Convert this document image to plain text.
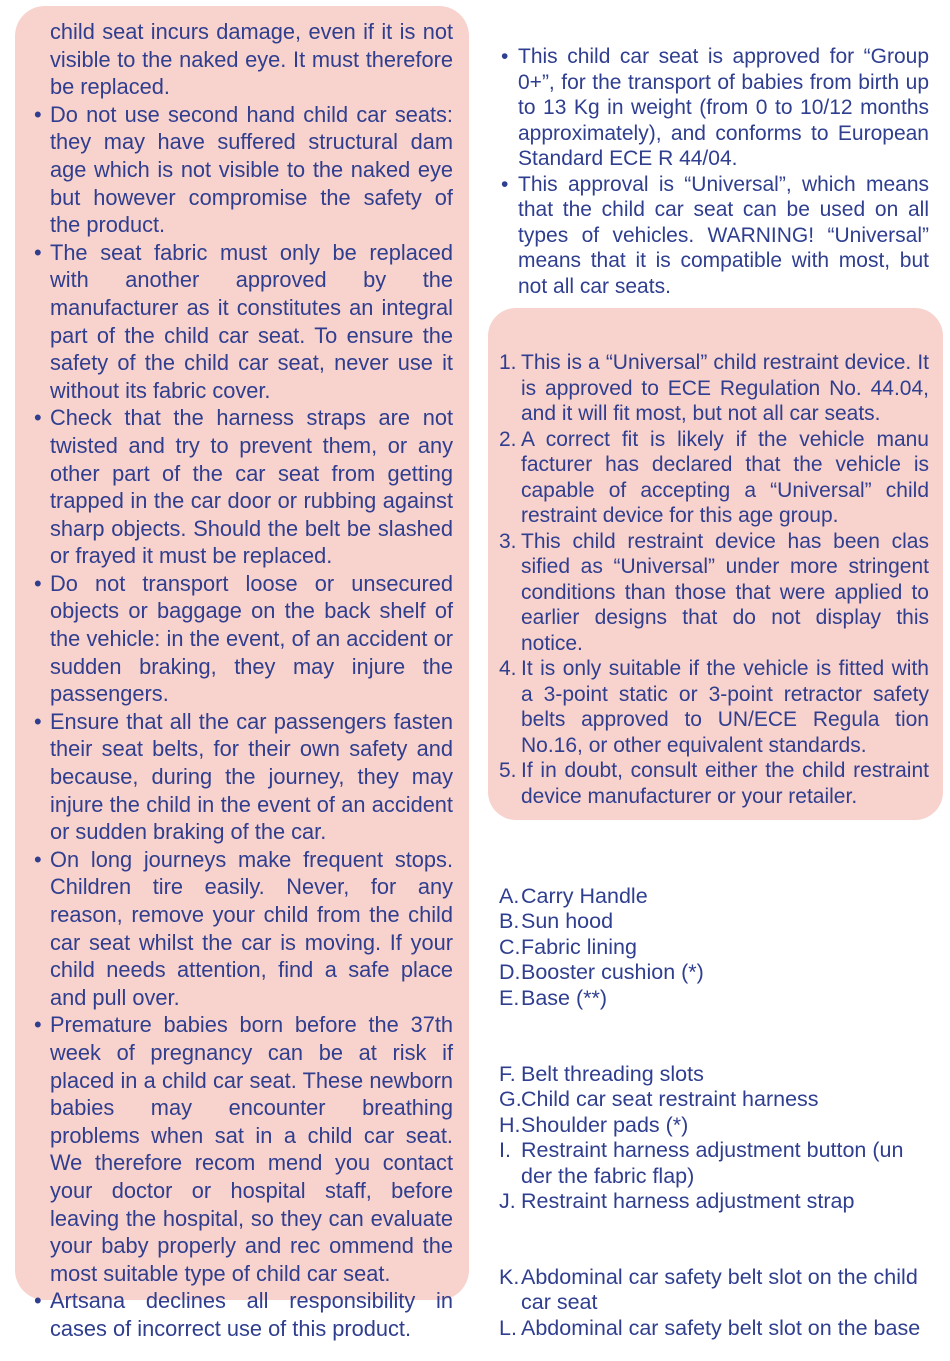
child seat incurs damage, even if it is not visible to the naked eye. It must therefore be replaced.
• Do not use second hand child car seats: they may have suffered structural dam age which is not visible to the naked eye but however compromise the safety of the product.
• The seat fabric must only be replaced with another approved by the manufacturer as it constitutes an integral part of the child car seat. To ensure the safety of the child car seat, never use it without its fabric cover.
• Check that the harness straps are not twisted and try to prevent them, or any other part of the car seat from getting trapped in the car door or rubbing against sharp objects. Should the belt be slashed or frayed it must be replaced.
• Do not transport loose or unsecured objects or baggage on the back shelf of the vehicle: in the event, of an accident or sudden braking, they may injure the passengers.
• Ensure that all the car passengers fasten their seat belts, for their own safety and because, during the journey, they may injure the child in the event of an accident or sudden braking of the car.
• On long journeys make frequent stops. Children tire easily. Never, for any reason, remove your child from the child car seat whilst the car is moving. If your child needs attention, find a safe place and pull over.
• Premature babies born before the 37th week of pregnancy can be at risk if placed in a child car seat. These newborn babies may encounter breathing problems when sat in a child car seat. We therefore recom mend you contact your doctor or hospital staff, before leaving the hospital, so they can evaluate your baby properly and rec ommend the most suitable type of child car seat.
• Artsana declines all responsibility in cases of incorrect use of this product.
• This child car seat is approved for “Group 0+”, for the transport of babies from birth up to 13 Kg in weight (from 0 to 10/12 months approximately), and conforms to European Standard ECE R 44/04.
• This approval is “Universal”, which means that the child car seat can be used on all types of vehicles. WARNING! “Universal” means that it is compatible with most, but not all car seats.
1. This is a “Universal” child restraint device. It is approved to ECE Regulation No. 44.04, and it will fit most, but not all car seats.
2. A correct fit is likely if the vehicle manu facturer has declared that the vehicle is capable of accepting a “Universal” child restraint device for this age group.
3. This child restraint device has been clas sified as “Universal” under more stringent conditions than those that were applied to earlier designs that do not display this notice.
4. It is only suitable if the vehicle is fitted with a 3-point static or 3-point retractor safety belts approved to UN/ECE Regula tion No.16, or other equivalent standards.
5. If in doubt, consult either the child restraint device manufacturer or your retailer.
A. Carry Handle
B. Sun hood
C. Fabric lining
D. Booster cushion (*)
E. Base (**)
F. Belt threading slots
G. Child car seat restraint harness
H. Shoulder pads (*)
I. Restraint harness adjustment button (un der the fabric flap)
J. Restraint harness adjustment strap
K. Abdominal car safety belt slot on the child car seat
L. Abdominal car safety belt slot on the base
